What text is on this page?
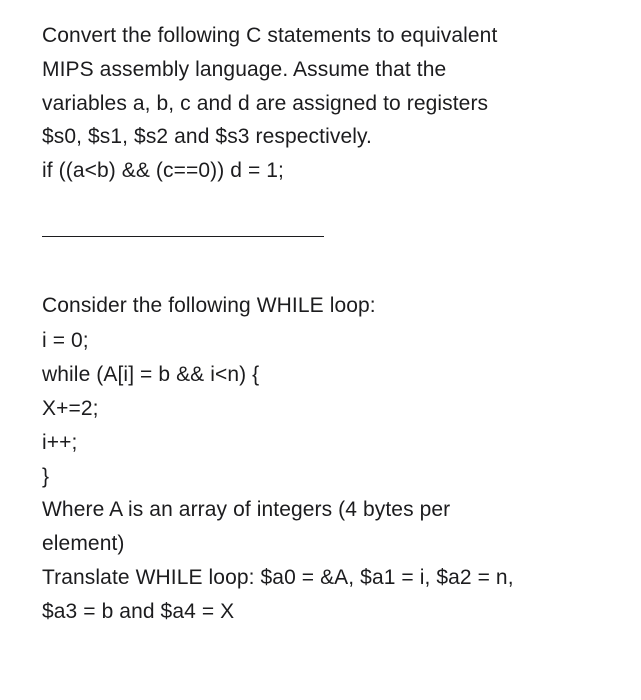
Convert the following C statements to equivalent
MIPS assembly language. Assume that the
variables a, b, c and d are assigned to registers
$s0, $s1, $s2 and $s3 respectively.
if ((a<b) && (c==0)) d = 1;
Consider the following WHILE loop:
i = 0;
while (A[i] = b && i<n) {
X+=2;
i++;
}
Where A is an array of integers (4 bytes per
element)
Translate WHILE loop: $a0 = &A, $a1 = i, $a2 = n,
$a3 = b and $a4 = X
